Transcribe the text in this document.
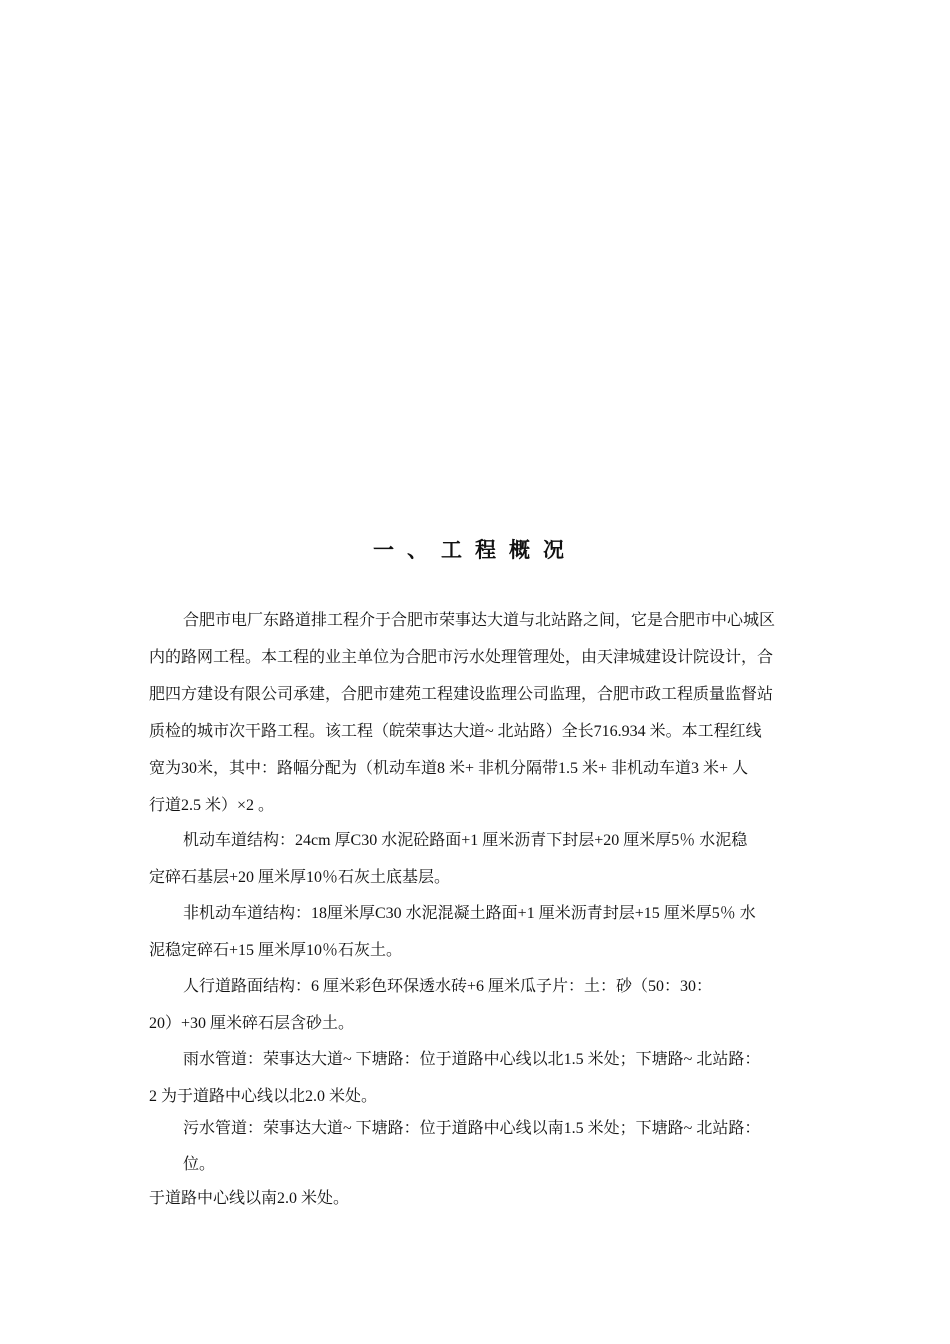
一、工程概况
合肥市电厂东路道排工程介于合肥市荣事达大道与北站路之间，它是合肥市中心城区
内的路网工程。本工程的业主单位为合肥市污水处理管理处，由天津城建设计院设计，合
肥四方建设有限公司承建，合肥市建苑工程建设监理公司监理，合肥市政工程质量监督站
质检的城市次干路工程。该工程（皖荣事达大道~ 北站路）全长716.934 米。本工程红线
宽为30米，其中：路幅分配为（机动车道8 米+ 非机分隔带1.5 米+ 非机动车道3 米+ 人
行道2.5 米）×2 。
机动车道结构：24cm 厚C30 水泥砼路面+1 厘米沥青下封层+20 厘米厚5％ 水泥稳
定碎石基层+20 厘米厚10％石灰土底基层。
非机动车道结构：18厘米厚C30 水泥混凝土路面+1 厘米沥青封层+15 厘米厚5％ 水
泥稳定碎石+15 厘米厚10％石灰土。
人行道路面结构：6 厘米彩色环保透水砖+6 厘米瓜子片：土：砂（50：30：
20）+30 厘米碎石层含砂土。
雨水管道：荣事达大道~ 下塘路：位于道路中心线以北1.5 米处；下塘路~ 北站路：
2 为于道路中心线以北2.0 米处。
污水管道：荣事达大道~ 下塘路：位于道路中心线以南1.5 米处；下塘路~ 北站路：
位。
于道路中心线以南2.0 米处。
